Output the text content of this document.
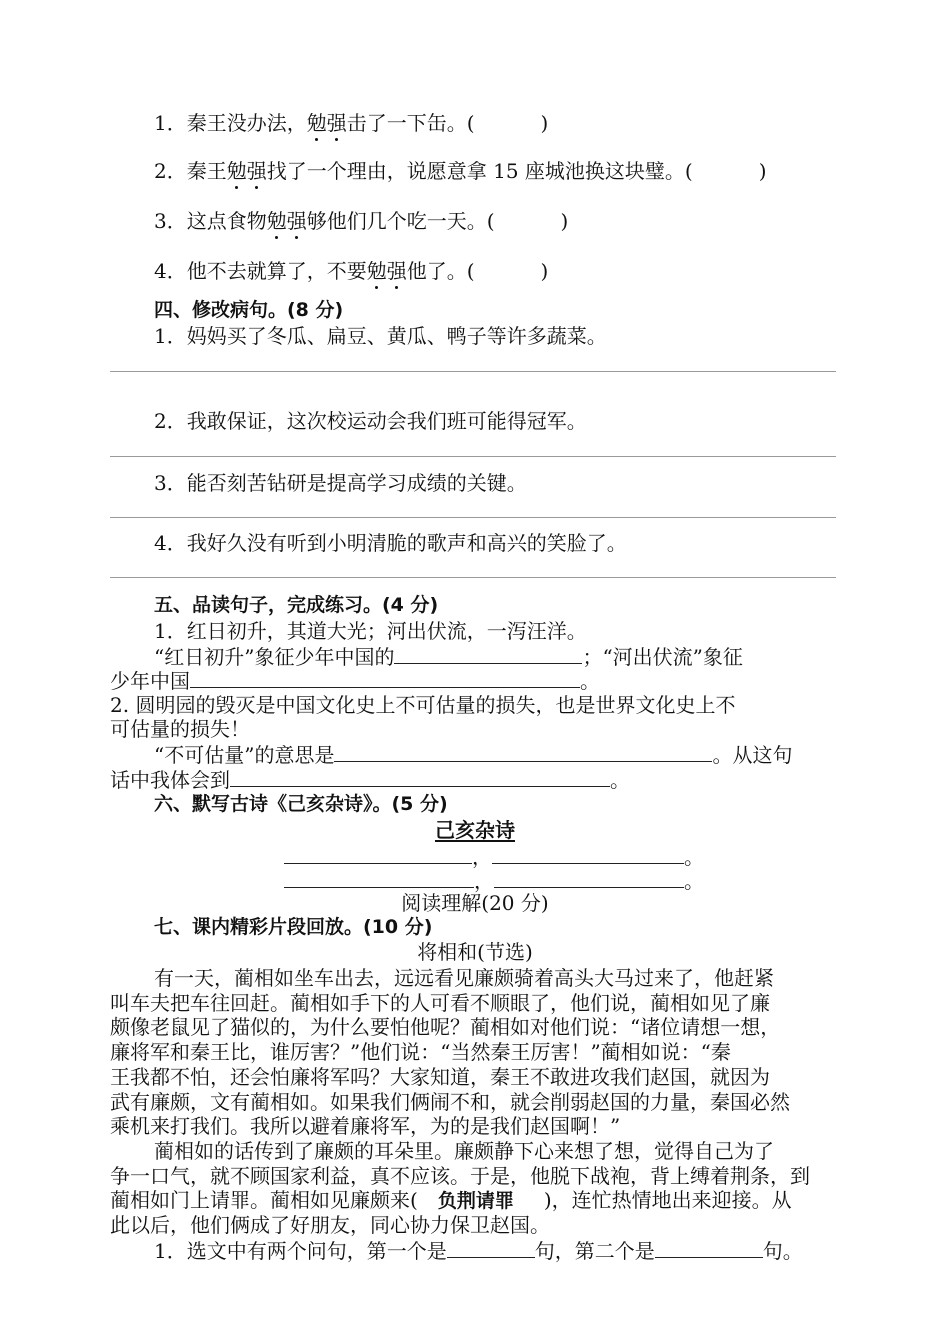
1．秦王没办法，勉强击了一下缶。(	)
2．秦王勉强找了一个理由，说愿意拿 15 座城池换这块璧。(	)
3．这点食物勉强够他们几个吃一天。(	)
4．他不去就算了，不要勉强他了。(	)
四、修改病句。(8 分)
1．妈妈买了冬瓜、扁豆、黄瓜、鸭子等许多蔬菜。
2．我敢保证，这次校运动会我们班可能得冠军。
3．能否刻苦钻研是提高学习成绩的关键。
4．我好久没有听到小明清脆的歌声和高兴的笑脸了。
五、品读句子，完成练习。(4 分)
1．红日初升，其道大光；河出伏流，一泻汪洋。
“红日初升”象征少年中国的	；“河出伏流”象征
少年中国	。
2. 圆明园的毁灭是中国文化史上不可估量的损失，也是世界文化史上不
可估量的损失！
“不可估量”的意思是	。从这句
话中我体会到	。
六、默写古诗《己亥杂诗》。(5 分)
己亥杂诗
，	。
，	。
阅读理解(20 分)
七、课内精彩片段回放。(10 分)
将相和(节选)
有一天，蔺相如坐车出去，远远看见廉颇骑着高头大马过来了，他赶紧
叫车夫把车往回赶。蔺相如手下的人可看不顺眼了，他们说，蔺相如见了廉
颇像老鼠见了猫似的，为什么要怕他呢？蔺相如对他们说：“诸位请想一想，
廉将军和秦王比，谁厉害？”他们说：“当然秦王厉害！”蔺相如说：“秦
王我都不怕，还会怕廉将军吗？大家知道，秦王不敢进攻我们赵国，就因为
武有廉颇，文有蔺相如。如果我们俩闹不和，就会削弱赵国的力量，秦国必然
乘机来打我们。我所以避着廉将军，为的是我们赵国啊！”
蔺相如的话传到了廉颇的耳朵里。廉颇静下心来想了想，觉得自己为了
争一口气，就不顾国家利益，真不应该。于是，他脱下战袍，背上缚着荆条，到
蔺相如门上请罪。蔺相如见廉颇来( 负荆请罪 )，连忙热情地出来迎接。从
此以后，他们俩成了好朋友，同心协力保卫赵国。
1．选文中有两个问句，第一个是	句，第二个是	句。
